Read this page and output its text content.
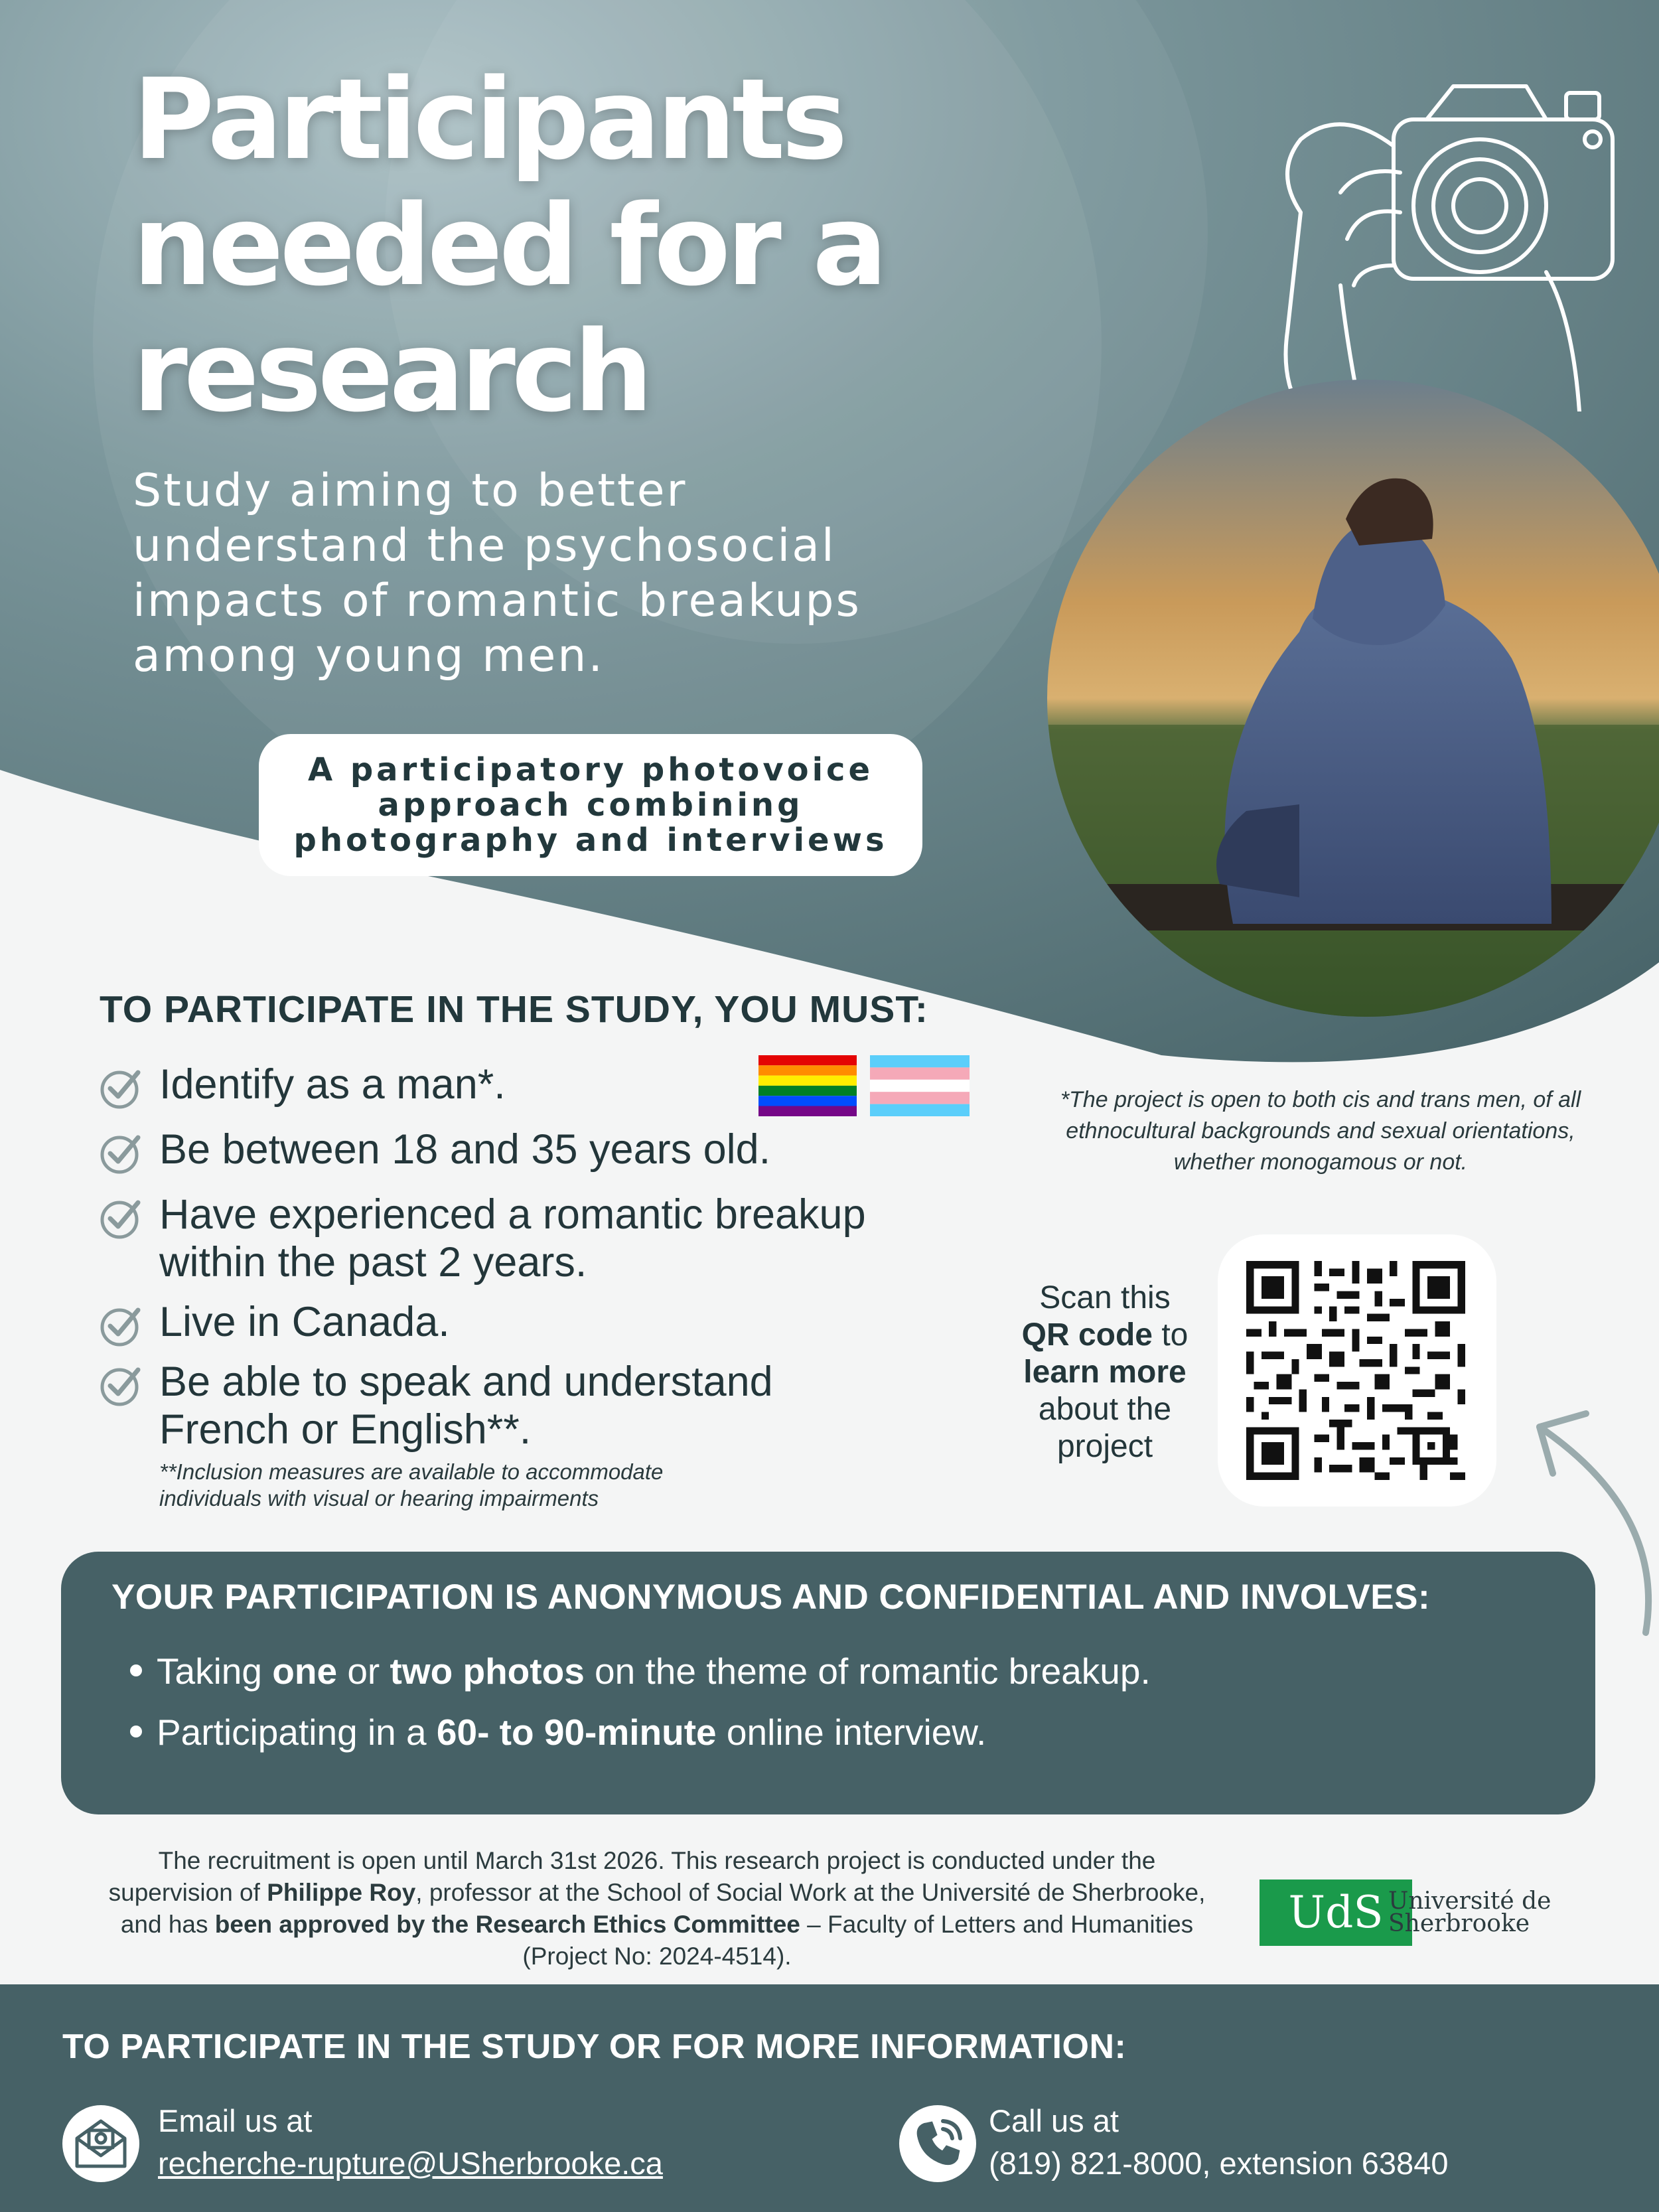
Participants
needed for a
research

Study aiming to better understand the psychosocial impacts of romantic breakups among young men.

A participatory photovoice
approach combining
photography and interviews
TO PARTICIPATE IN THE STUDY, YOU MUST:
Identify as a man*.
Be between 18 and 35 years old.
Have experienced a romantic breakup
within the past 2 years.
Live in Canada.
Be able to speak and understand
French or English**.

*The project is open to both cis and trans men, of all
ethnocultural backgrounds and sexual orientations,
whether monogamous or not.

**Inclusion measures are available to accommodate
individuals with visual or hearing impairments

Scan this
QR code to
learn more
about the
project

YOUR PARTICIPATION IS ANONYMOUS AND CONFIDENTIAL AND INVOLVES:
Taking one or two photos on the theme of romantic breakup.
Participating in a 60- to 90-minute online interview.

The recruitment is open until March 31st 2026. This research project is conducted under the supervision of Philippe Roy, professor at the School of Social Work at the Université de Sherbrooke, and has been approved by the Research Ethics Committee – Faculty of Letters and Humanities (Project No: 2024-4514).

UdS Université de
Sherbrooke

TO PARTICIPATE IN THE STUDY OR FOR MORE INFORMATION:

Email us at

recherche-rupture@USherbrooke.ca

Call us at

(819) 821-8000, extension 63840
